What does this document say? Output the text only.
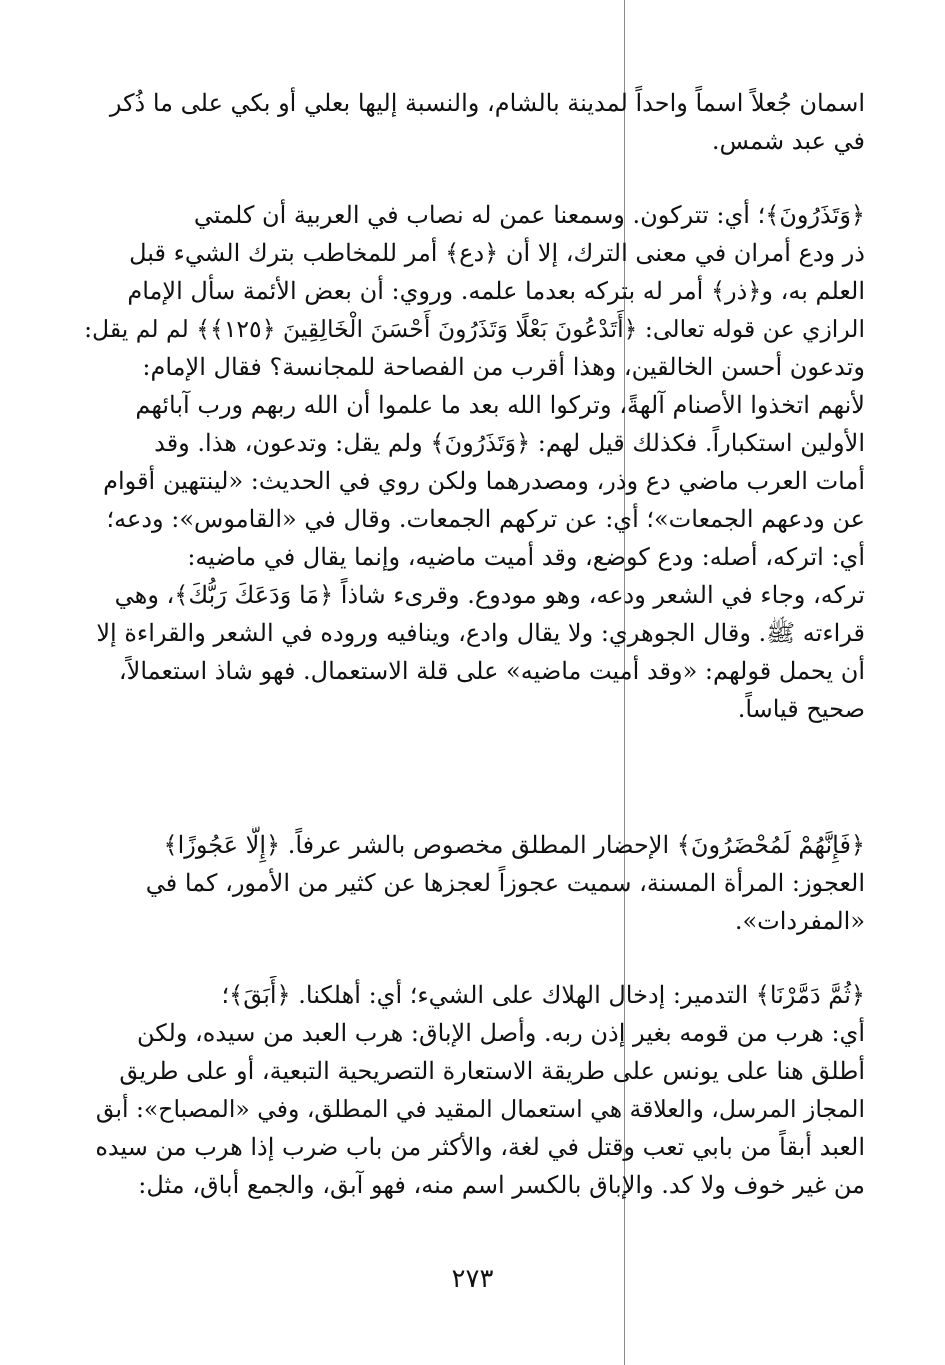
اسمان جُعلاً اسماً واحداً لمدينة بالشام، والنسبة إليها بعلي أو بكي على ما ذُكر
في عبد شمس.
﴿وَتَذَرُونَ﴾؛ أي: تتركون. وسمعنا عمن له نصاب في العربية أن كلمتي
ذر ودع أمران في معنى الترك، إلا أن ﴿دع﴾ أمر للمخاطب بترك الشيء قبل
العلم به، و﴿ذر﴾ أمر له بتركه بعدما علمه. وروي: أن بعض الأئمة سأل الإمام
الرازي عن قوله تعالى: ﴿أَتَدْعُونَ بَعْلًا وَتَذَرُونَ أَحْسَنَ الْخَالِقِينَ ﴿١٢٥﴾﴾ لم لم يقل:
وتدعون أحسن الخالقين، وهذا أقرب من الفصاحة للمجانسة؟ فقال الإمام:
لأنهم اتخذوا الأصنام آلهةً، وتركوا الله بعد ما علموا أن الله ربهم ورب آبائهم
الأولين استكباراً. فكذلك قيل لهم: ﴿وَتَذَرُونَ﴾ ولم يقل: وتدعون، هذا. وقد
أمات العرب ماضي دع وذر، ومصدرهما ولكن روي في الحديث: «لينتهين أقوام
عن ودعهم الجمعات»؛ أي: عن تركهم الجمعات. وقال في «القاموس»: ودعه؛
أي: اتركه، أصله: ودع كوضع، وقد أميت ماضيه، وإنما يقال في ماضيه:
تركه، وجاء في الشعر ودعه، وهو مودوع. وقرىء شاذاً ﴿مَا وَدَعَكَ رَبُّكَ﴾، وهي
قراءته ﷺ. وقال الجوهري: ولا يقال وادع، وينافيه وروده في الشعر والقراءة إلا
أن يحمل قولهم: «وقد أميت ماضيه» على قلة الاستعمال. فهو شاذ استعمالاً،
صحيح قياساً.
﴿فَإِنَّهُمْ لَمُحْضَرُونَ﴾ الإحضار المطلق مخصوص بالشر عرفاً. ﴿إِلَّا عَجُوزًا﴾
العجوز: المرأة المسنة، سميت عجوزاً لعجزها عن كثير من الأمور، كما في
«المفردات».
﴿ثُمَّ دَمَّرْنَا﴾ التدمير: إدخال الهلاك على الشيء؛ أي: أهلكنا. ﴿أَبَقَ﴾؛
أي: هرب من قومه بغير إذن ربه. وأصل الإباق: هرب العبد من سيده، ولكن
أطلق هنا على يونس على طريقة الاستعارة التصريحية التبعية، أو على طريق
المجاز المرسل، والعلاقة هي استعمال المقيد في المطلق، وفي «المصباح»: أبق
العبد أبقاً من بابي تعب وقتل في لغة، والأكثر من باب ضرب إذا هرب من سيده
من غير خوف ولا كد. والإباق بالكسر اسم منه، فهو آبق، والجمع أباق، مثل:
٢٧٣
